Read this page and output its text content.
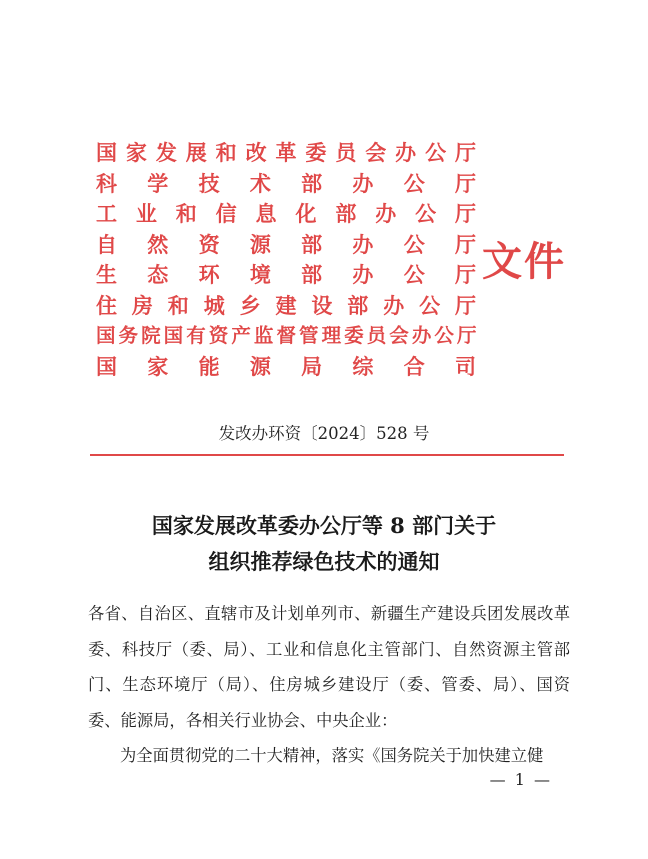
国家发展和改革委员会办公厅
科学技术部办公厅
工业和信息化部办公厅
自然资源部办公厅
生态环境部办公厅
住房和城乡建设部办公厅
国务院国有资产监督管理委员会办公厅
国家能源局综合司
文件
发改办环资〔2024〕528 号
国家发展改革委办公厅等 8 部门关于
组织推荐绿色技术的通知

各省、自治区、直辖市及计划单列市、新疆生产建设兵团发展改革委、科技厅（委、局）、工业和信息化主管部门、自然资源主管部门、生态环境厅（局）、住房城乡建设厅（委、管委、局）、国资委、能源局，各相关行业协会、中央企业：

为全面贯彻党的二十大精神，落实《国务院关于加快建立健

— 1 —
